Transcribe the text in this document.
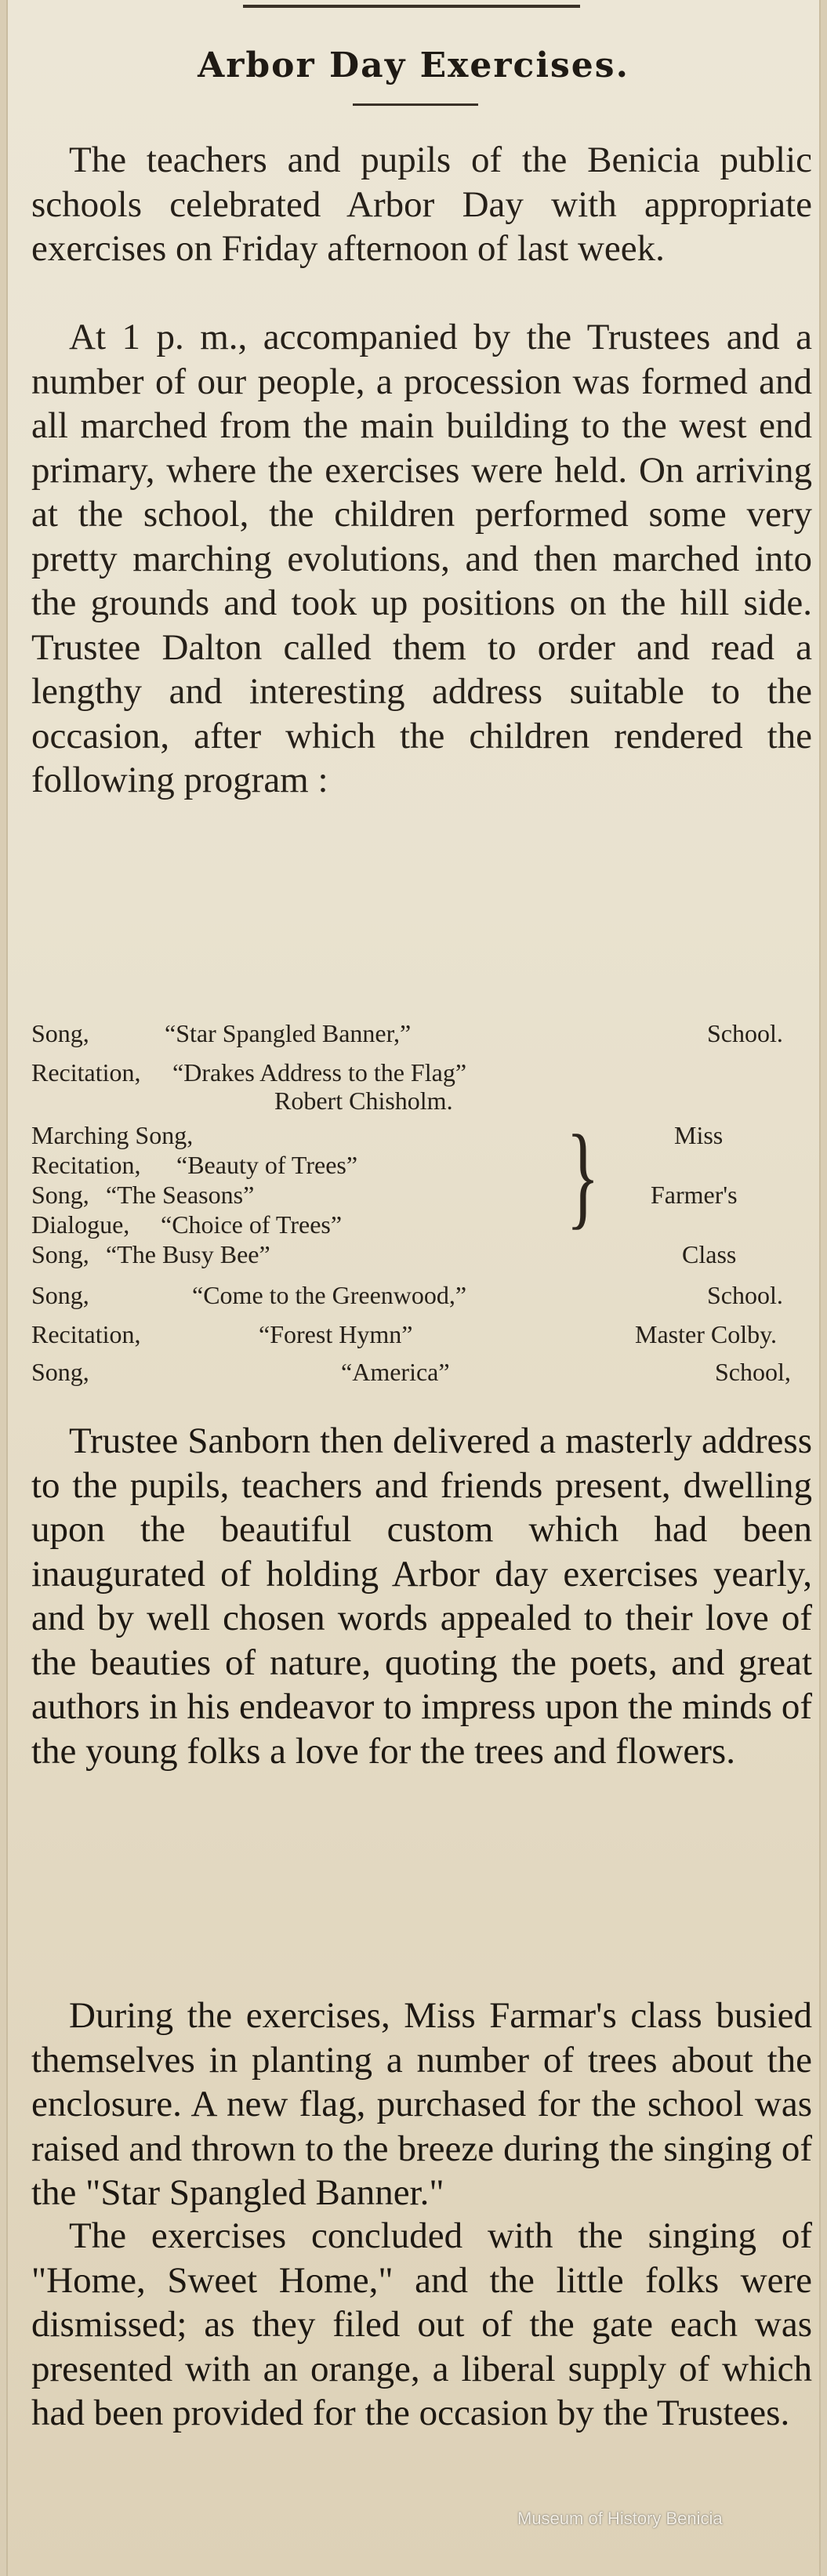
Arbor Day Exercises.

The teachers and pupils of the Benicia public schools celebrated Arbor Day with appropriate exercises on Friday afternoon of last week.

At 1 p. m., accompanied by the Trustees and a number of our people, a procession was formed and all marched from the main building to the west end primary, where the exercises were held. On arriving at the school, the children performed some very pretty marching evolutions, and then marched into the grounds and took up positions on the hill side. Trustee Dalton called them to order and read a lengthy and interesting address suitable to the occasion, after which the children rendered the following program :

Song,	“Star Spangled Banner,”	School.
Recitation, “Drakes Address to the Flag”
Robert Chisholm.
Marching Song,	Miss
Recitation, “Beauty of Trees”
Song, “The Seasons”	Farmer's
Dialogue, “Choice of Trees”
Song, “The Busy Bee”	Class
}
Song,	“Come to the Greenwood,”	School.
Recitation,	“Forest Hymn”	Master Colby.
Song,	“America”	School,

Trustee Sanborn then delivered a masterly address to the pupils, teachers and friends present, dwelling upon the beautiful custom which had been inaugurated of holding Arbor day exercises yearly, and by well chosen words appealed to their love of the beauties of nature, quoting the poets, and great authors in his endeavor to impress upon the minds of the young folks a love for the trees and flowers.

During the exercises, Miss Farmar's class busied themselves in planting a number of trees about the enclosure. A new flag, purchased for the school was raised and thrown to the breeze during the singing of the "Star Spangled Banner."

The exercises concluded with the singing of "Home, Sweet Home," and the little folks were dismissed; as they filed out of the gate each was presented with an orange, a liberal supply of which had been provided for the occasion by the Trustees.

Museum of History Benicia
